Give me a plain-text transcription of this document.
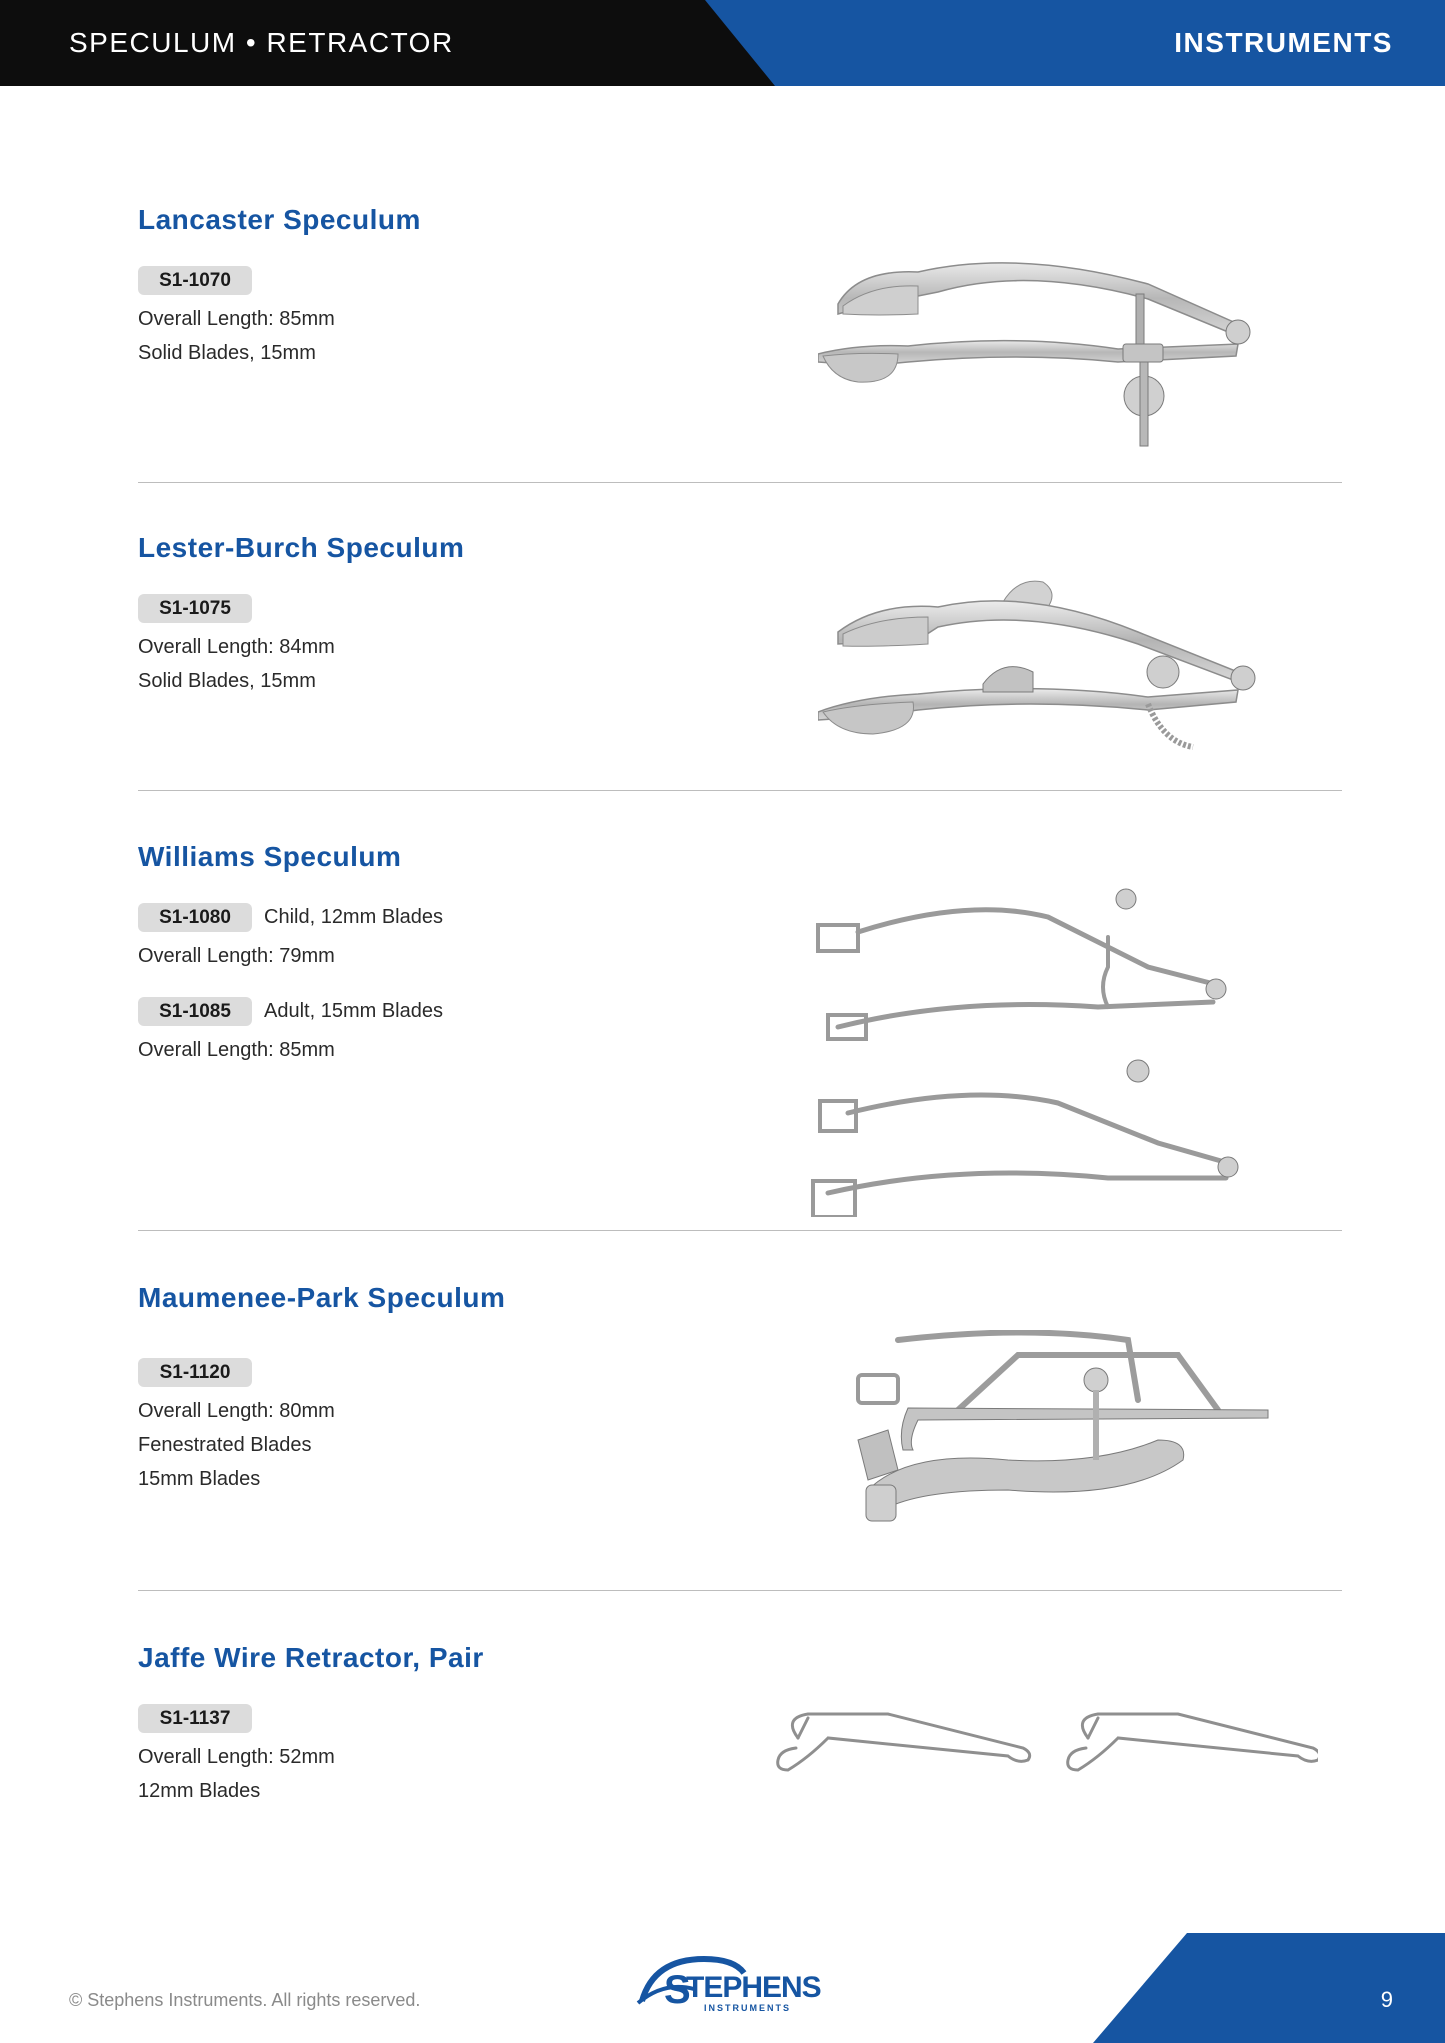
SPECULUM • RETRACTOR	INSTRUMENTS
Lancaster Speculum
S1-1070
Overall Length: 85mm
Solid Blades, 15mm
Lester-Burch Speculum
S1-1075
Overall Length: 84mm
Solid Blades, 15mm
Williams Speculum
S1-1080	Child, 12mm Blades
Overall Length: 79mm
S1-1085	Adult, 15mm Blades
Overall Length: 85mm
Maumenee-Park Speculum
S1-1120
Overall Length: 80mm
Fenestrated Blades
15mm Blades
Jaffe Wire Retractor, Pair
S1-1137
Overall Length: 52mm
12mm Blades
© Stephens Instruments. All rights reserved.	S
TEPHENS
INSTRUMENTS	9
